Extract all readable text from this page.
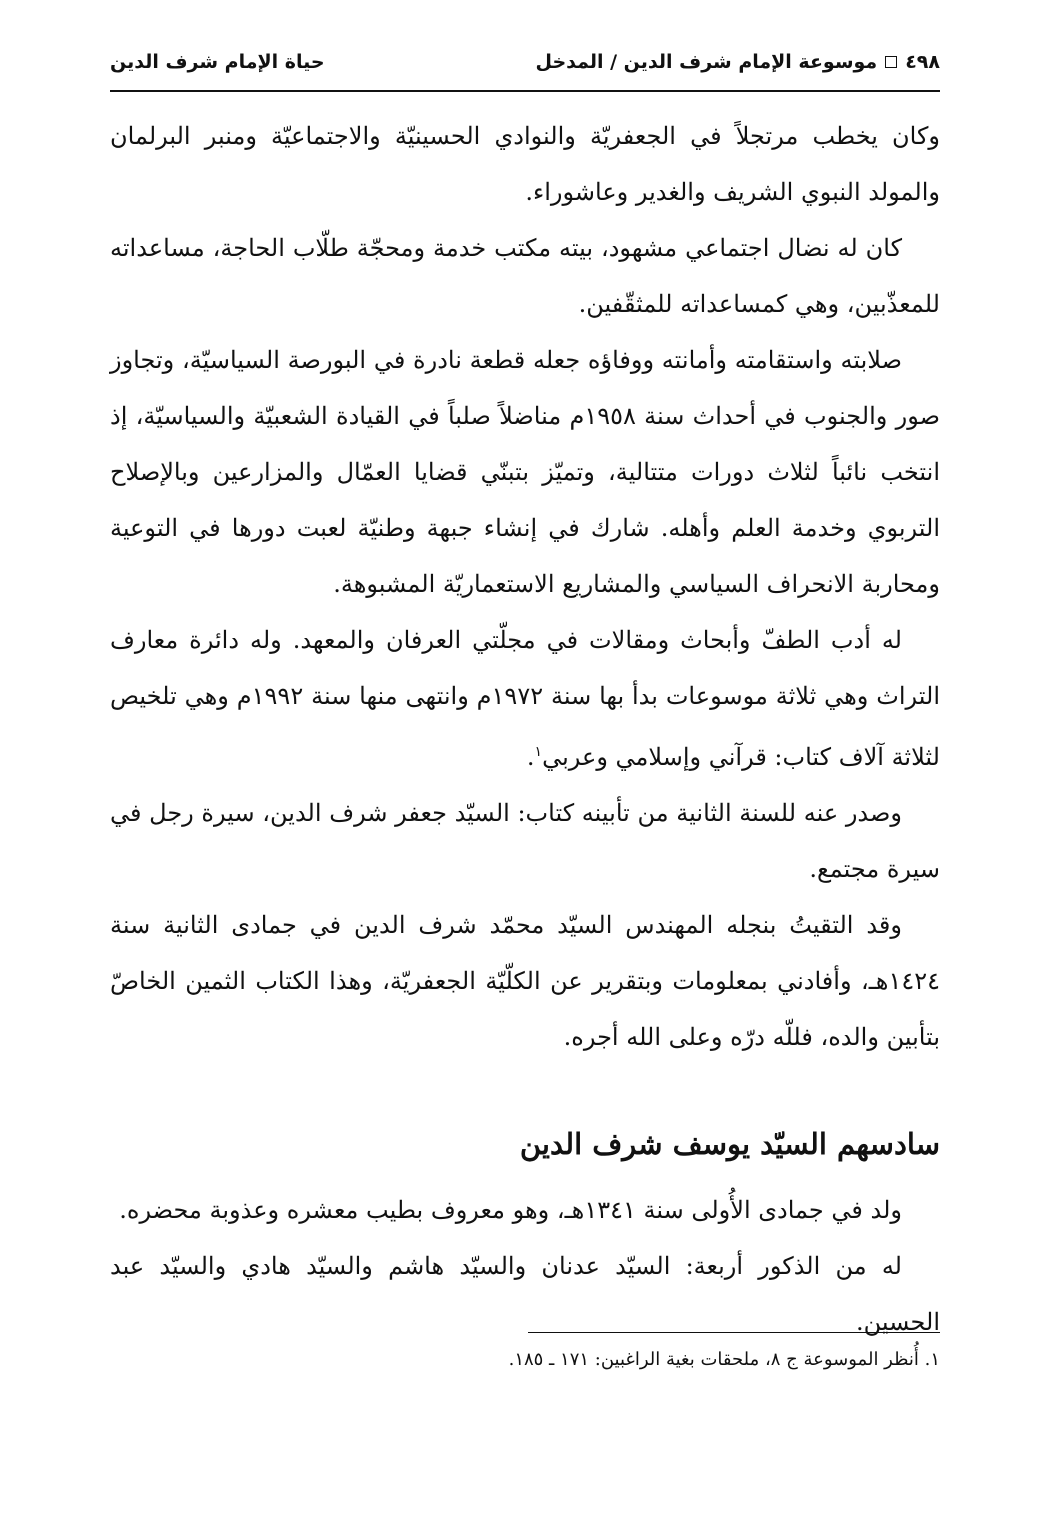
٤٩٨
موسوعة الإمام شرف الدين / المدخل
حياة الإمام شرف الدين

وكان يخطب مرتجلاً في الجعفريّة والنوادي الحسينيّة والاجتماعيّة ومنبر البرلمان والمولد النبوي الشريف والغدير وعاشوراء.

كان له نضال اجتماعي مشهود، بيته مكتب خدمة ومحجّة طلّاب الحاجة، مساعداته للمعذّبين، وهي كمساعداته للمثقّفين.

صلابته واستقامته وأمانته ووفاؤه جعله قطعة نادرة في البورصة السياسيّة، وتجاوز صور والجنوب في أحداث سنة ١٩٥٨م مناضلاً صلباً في القيادة الشعبيّة والسياسيّة، إذ انتخب نائباً لثلاث دورات متتالية، وتميّز بتبنّي قضايا العمّال والمزارعين وبالإصلاح التربوي وخدمة العلم وأهله. شارك في إنشاء جبهة وطنيّة لعبت دورها في التوعية ومحاربة الانحراف السياسي والمشاريع الاستعماريّة المشبوهة.

له أدب الطفّ وأبحاث ومقالات في مجلّتي العرفان والمعهد. وله دائرة معارف التراث وهي ثلاثة موسوعات بدأ بها سنة ١٩٧٢م وانتهى منها سنة ١٩٩٢م وهي تلخيص لثلاثة آلاف كتاب: قرآني وإسلامي وعربي$^١$.

وصدر عنه للسنة الثانية من تأبينه كتاب: السيّد جعفر شرف الدين، سيرة رجل في سيرة مجتمع.

وقد التقيتُ بنجله المهندس السيّد محمّد شرف الدين في جمادى الثانية سنة ١٤٢٤هـ، وأفادني بمعلومات وبتقرير عن الكلّيّة الجعفريّة، وهذا الكتاب الثمين الخاصّ بتأبين والده، فللّه درّه وعلى الله أجره.

سادسهم السيّد يوسف شرف الدين

ولد في جمادى الأُولى سنة ١٣٤١هـ، وهو معروف بطيب معشره وعذوبة محضره.

له من الذكور أربعة: السيّد عدنان والسيّد هاشم والسيّد هادي والسيّد عبد الحسين.

١. أُنظر الموسوعة ج ٨، ملحقات بغية الراغبين: ١٧١ ـ ١٨٥.
